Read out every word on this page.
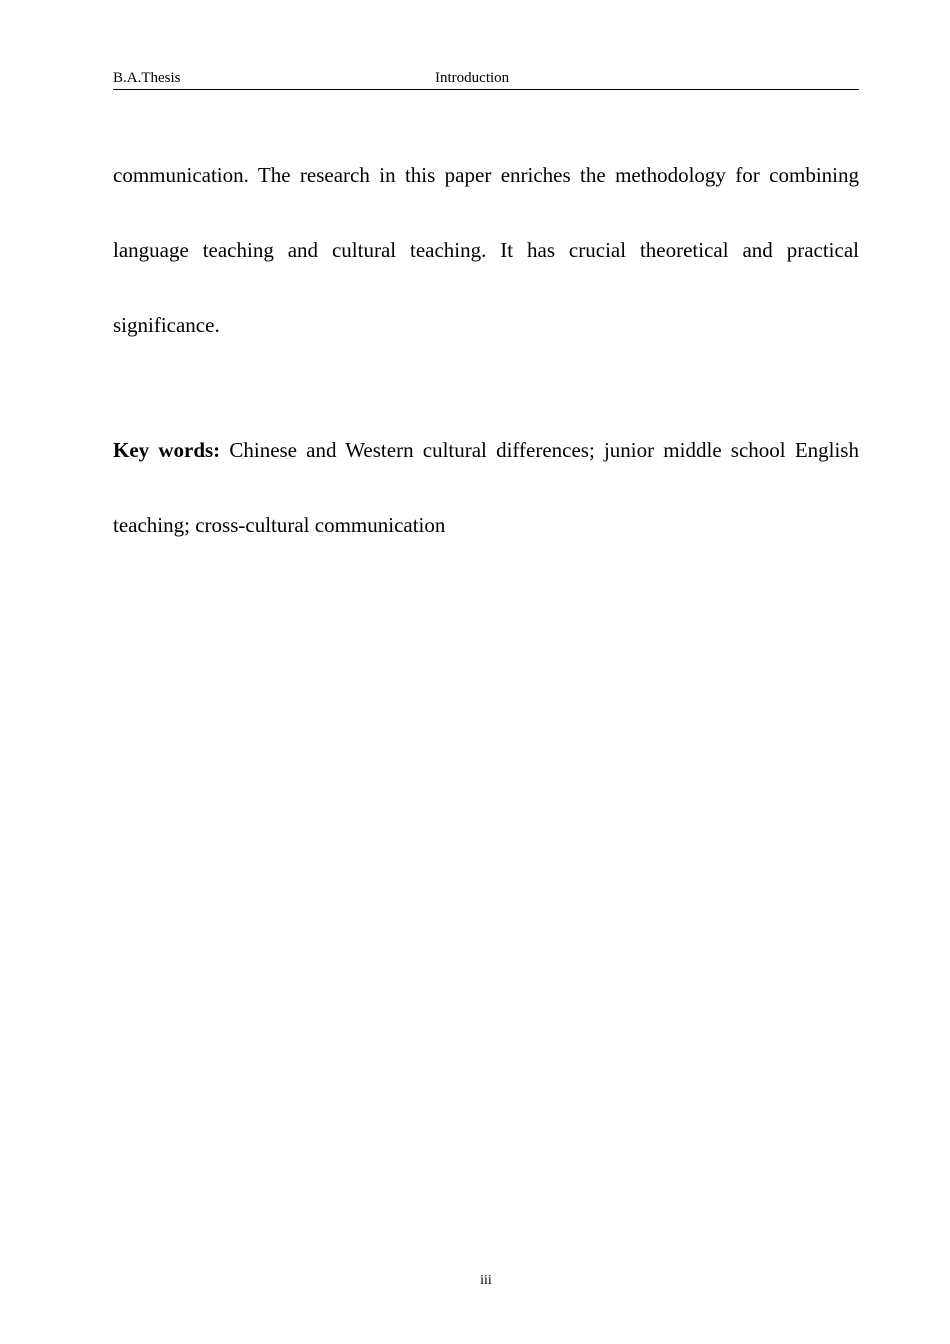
B.A.Thesis	Introduction

communication. The research in this paper enriches the methodology for combining language teaching and cultural teaching. It has crucial theoretical and practical significance.

Key words: Chinese and Western cultural differences; junior middle school English teaching; cross-cultural communication

iii
